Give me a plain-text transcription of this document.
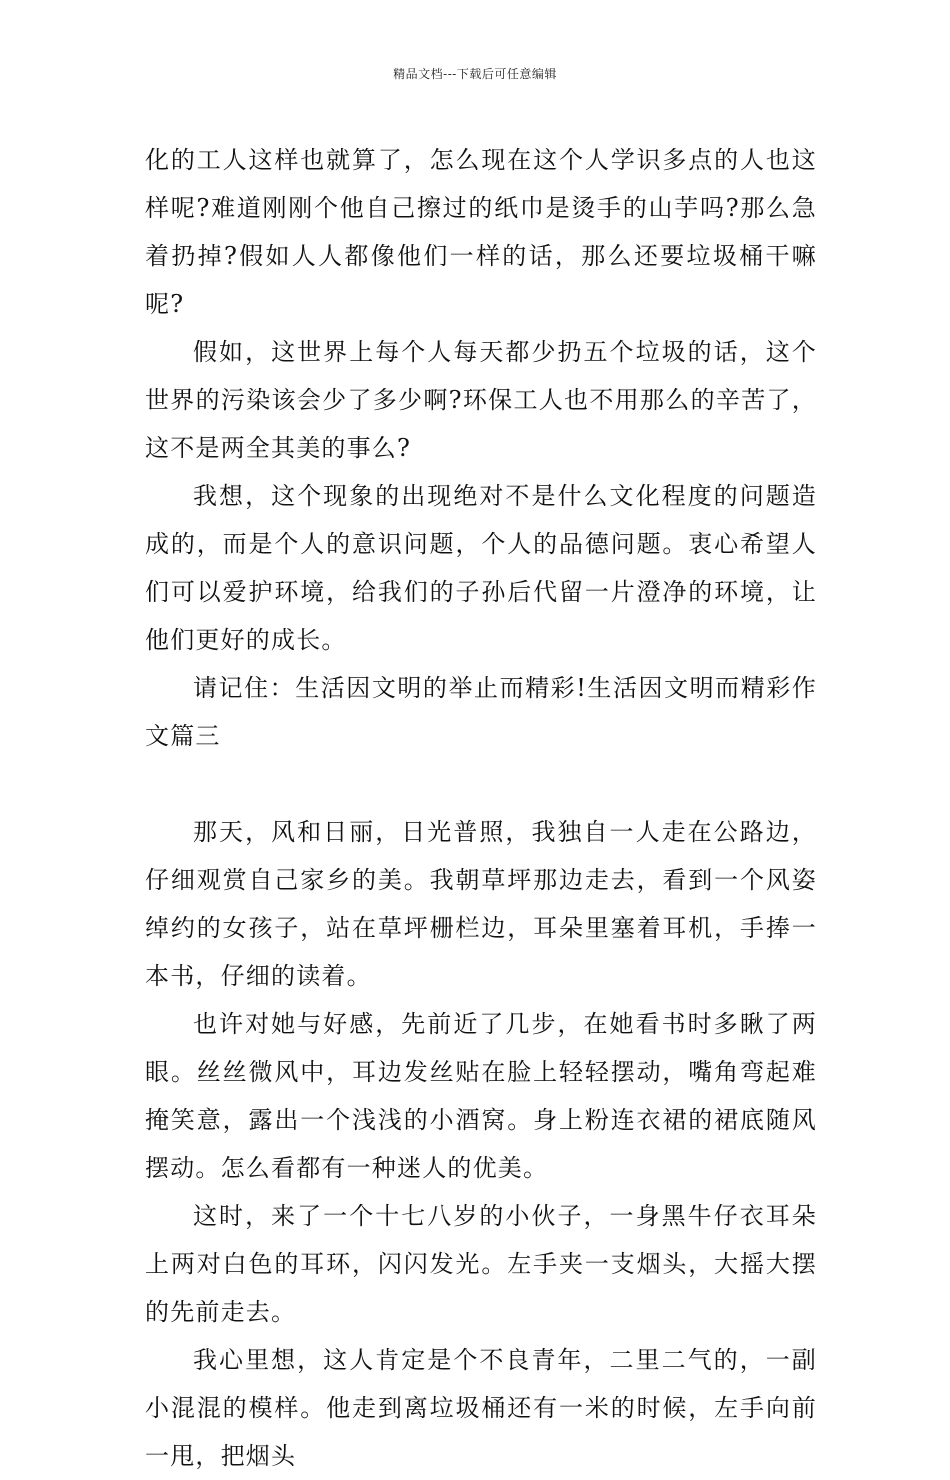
精品文档---下载后可任意编辑

化的工人这样也就算了，怎么现在这个人学识多点的人也这样呢?难道刚刚个他自己擦过的纸巾是烫手的山芋吗?那么急着扔掉?假如人人都像他们一样的话，那么还要垃圾桶干嘛呢?

假如，这世界上每个人每天都少扔五个垃圾的话，这个世界的污染该会少了多少啊?环保工人也不用那么的辛苦了，这不是两全其美的事么?

我想，这个现象的出现绝对不是什么文化程度的问题造成的，而是个人的意识问题，个人的品德问题。衷心希望人们可以爱护环境，给我们的子孙后代留一片澄净的环境，让他们更好的成长。

请记住：生活因文明的举止而精彩!生活因文明而精彩作文篇三

那天，风和日丽，日光普照，我独自一人走在公路边，仔细观赏自己家乡的美。我朝草坪那边走去，看到一个风姿绰约的女孩子，站在草坪栅栏边，耳朵里塞着耳机，手捧一本书，仔细的读着。

也许对她与好感，先前近了几步，在她看书时多瞅了两眼。丝丝微风中，耳边发丝贴在脸上轻轻摆动，嘴角弯起难掩笑意，露出一个浅浅的小酒窝。身上粉连衣裙的裙底随风摆动。怎么看都有一种迷人的优美。

这时，来了一个十七八岁的小伙子，一身黑牛仔衣耳朵上两对白色的耳环，闪闪发光。左手夹一支烟头，大摇大摆的先前走去。

我心里想，这人肯定是个不良青年，二里二气的，一副小混混的模样。他走到离垃圾桶还有一米的时候，左手向前一甩，把烟头
